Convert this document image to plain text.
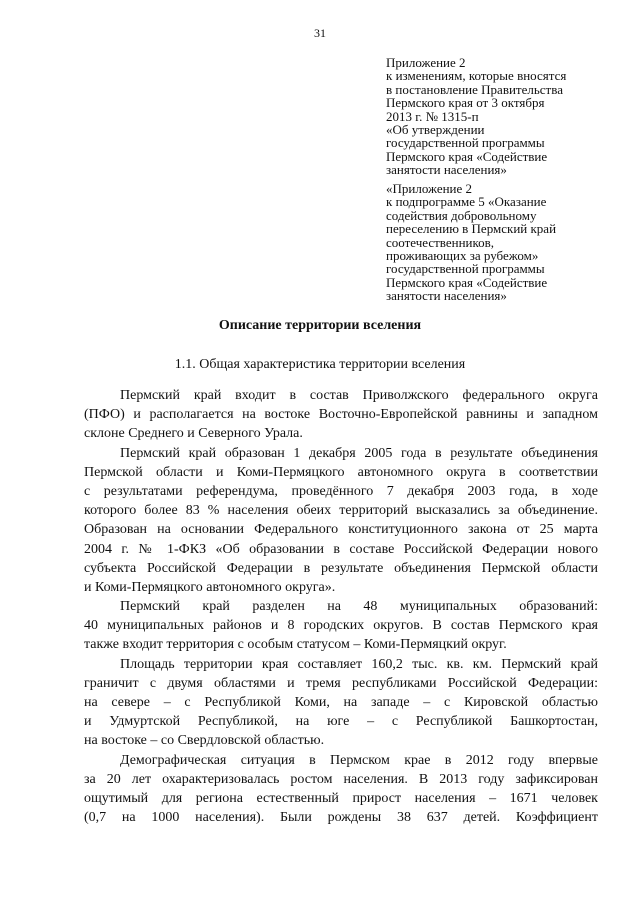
31
Приложение 2
к изменениям, которые вносятся
в постановление Правительства
Пермского края от 3 октября
2013 г. № 1315-п
«Об утверждении
государственной программы
Пермского края «Содействие
занятости населения»
«Приложение 2
к подпрограмме 5 «Оказание
содействия добровольному
переселению в Пермский край
соотечественников,
проживающих за рубежом»
государственной программы
Пермского края «Содействие
занятости населения»
Описание территории вселения
1.1. Общая характеристика территории вселения
Пермский край входит в состав Приволжского федерального округа
(ПФО) и располагается на востоке Восточно-Европейской равнины и западном
склоне Среднего и Северного Урала.
Пермский край образован 1 декабря 2005 года в результате объединения
Пермской области и Коми-Пермяцкого автономного округа в соответствии
с результатами референдума, проведённого 7 декабря 2003 года, в ходе
которого более 83 % населения обеих территорий высказались за объединение.
Образован на основании Федерального конституционного закона от 25 марта
2004 г. № 1-ФКЗ «Об образовании в составе Российской Федерации нового
субъекта Российской Федерации в результате объединения Пермской области
и Коми-Пермяцкого автономного округа».
Пермский край разделен на 48 муниципальных образований:
40 муниципальных районов и 8 городских округов. В состав Пермского края
также входит территория с особым статусом – Коми-Пермяцкий округ.
Площадь территории края составляет 160,2 тыс. кв. км. Пермский край
граничит с двумя областями и тремя республиками Российской Федерации:
на севере – с Республикой Коми, на западе – с Кировской областью
и Удмуртской Республикой, на юге – с Республикой Башкортостан,
на востоке – со Свердловской областью.
Демографическая ситуация в Пермском крае в 2012 году впервые
за 20 лет охарактеризовалась ростом населения. В 2013 году зафиксирован
ощутимый для региона естественный прирост населения – 1671 человек
(0,7 на 1000 населения). Были рождены 38 637 детей. Коэффициент
